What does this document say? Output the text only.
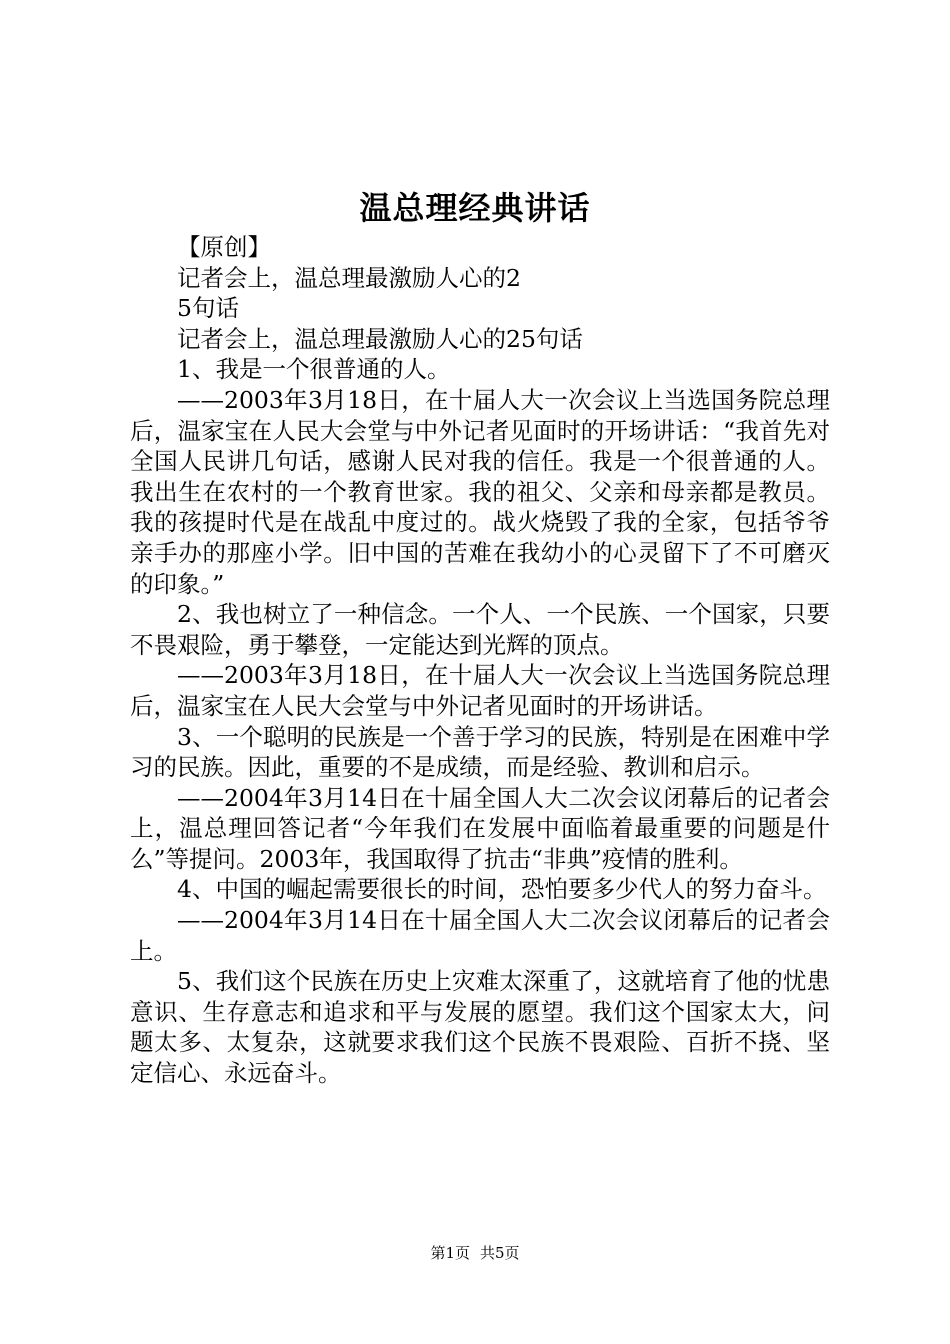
温总理经典讲话

【原创】

记者会上，温总理最激励人心的2

5句话

记者会上，温总理最激励人心的25句话

1、我是一个很普通的人。

——2003年3月18日，在十届人大一次会议上当选国务院总理后，温家宝在人民大会堂与中外记者见面时的开场讲话：“我首先对全国人民讲几句话，感谢人民对我的信任。我是一个很普通的人。我出生在农村的一个教育世家。我的祖父、父亲和母亲都是教员。我的孩提时代是在战乱中度过的。战火烧毁了我的全家，包括爷爷亲手办的那座小学。旧中国的苦难在我幼小的心灵留下了不可磨灭的印象。”

2、我也树立了一种信念。一个人、一个民族、一个国家，只要不畏艰险，勇于攀登，一定能达到光辉的顶点。

——2003年3月18日，在十届人大一次会议上当选国务院总理后，温家宝在人民大会堂与中外记者见面时的开场讲话。

3、一个聪明的民族是一个善于学习的民族，特别是在困难中学习的民族。因此，重要的不是成绩，而是经验、教训和启示。

——2004年3月14日在十届全国人大二次会议闭幕后的记者会上，温总理回答记者“今年我们在发展中面临着最重要的问题是什么”等提问。2003年，我国取得了抗击“非典”疫情的胜利。

4、中国的崛起需要很长的时间，恐怕要多少代人的努力奋斗。

——2004年3月14日在十届全国人大二次会议闭幕后的记者会上。

5、我们这个民族在历史上灾难太深重了，这就培育了他的忧患意识、生存意志和追求和平与发展的愿望。我们这个国家太大，问题太多、太复杂，这就要求我们这个民族不畏艰险、百折不挠、坚定信心、永远奋斗。

第1页 共5页
